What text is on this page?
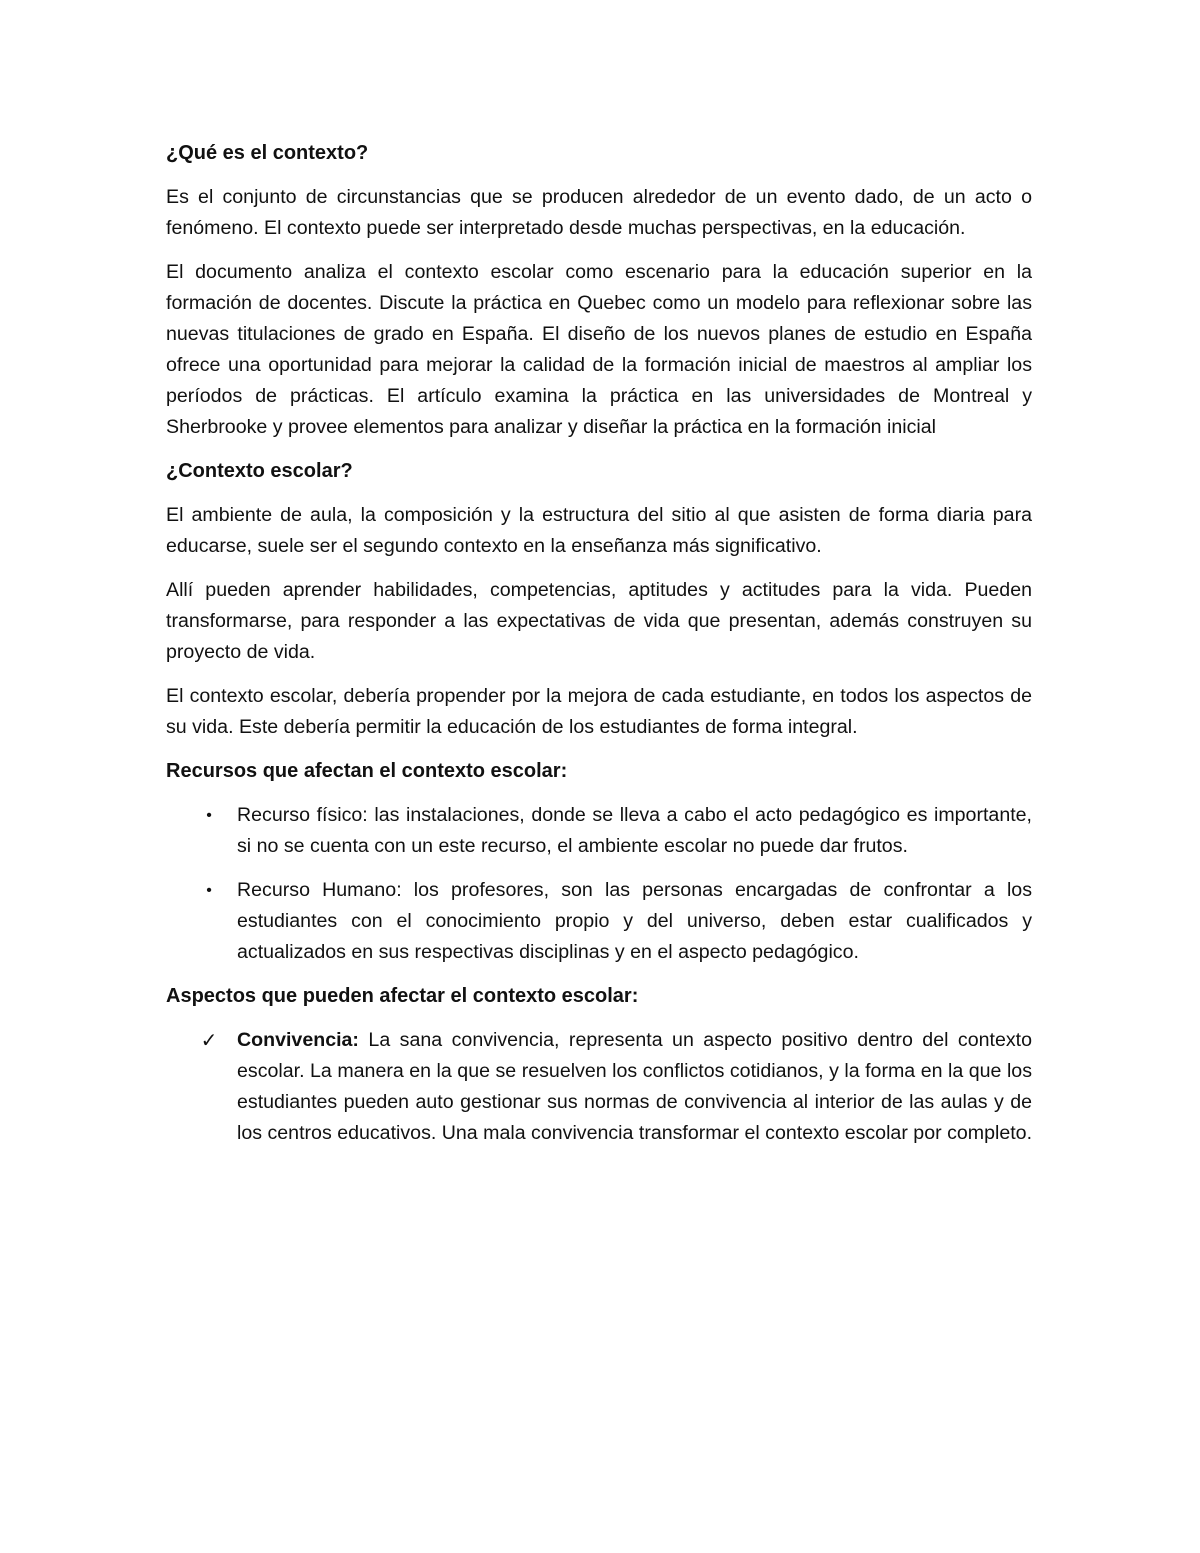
¿Qué es el contexto?

Es el conjunto de circunstancias que se producen alrededor de un evento dado, de un acto o fenómeno. El contexto puede ser interpretado desde muchas perspectivas, en la educación.

El documento analiza el contexto escolar como escenario para la educación superior en la formación de docentes. Discute la práctica en Quebec como un modelo para reflexionar sobre las nuevas titulaciones de grado en España. El diseño de los nuevos planes de estudio en España ofrece una oportunidad para mejorar la calidad de la formación inicial de maestros al ampliar los períodos de prácticas. El artículo examina la práctica en las universidades de Montreal y Sherbrooke y provee elementos para analizar y diseñar la práctica en la formación inicial

¿Contexto escolar?

El ambiente de aula, la composición y la estructura del sitio al que asisten de forma diaria para educarse, suele ser el segundo contexto en la enseñanza más significativo.

Allí pueden aprender habilidades, competencias, aptitudes y actitudes para la vida. Pueden transformarse, para responder a las expectativas de vida que presentan, además construyen su proyecto de vida.

El contexto escolar, debería propender por la mejora de cada estudiante, en todos los aspectos de su vida. Este debería permitir la educación de los estudiantes de forma integral.

Recursos que afectan el contexto escolar:
•	Recurso físico: las instalaciones, donde se lleva a cabo el acto pedagógico es importante, si no se cuenta con un este recurso, el ambiente escolar no puede dar frutos.
•	Recurso Humano: los profesores, son las personas encargadas de confrontar a los estudiantes con el conocimiento propio y del universo, deben estar cualificados y actualizados en sus respectivas disciplinas y en el aspecto pedagógico.
Aspectos que pueden afectar el contexto escolar:
✓ Convivencia: La sana convivencia, representa un aspecto positivo dentro del contexto escolar. La manera en la que se resuelven los conflictos cotidianos, y la forma en la que los estudiantes pueden auto gestionar sus normas de convivencia al interior de las aulas y de los centros educativos. Una mala convivencia transformar el contexto escolar por completo.
